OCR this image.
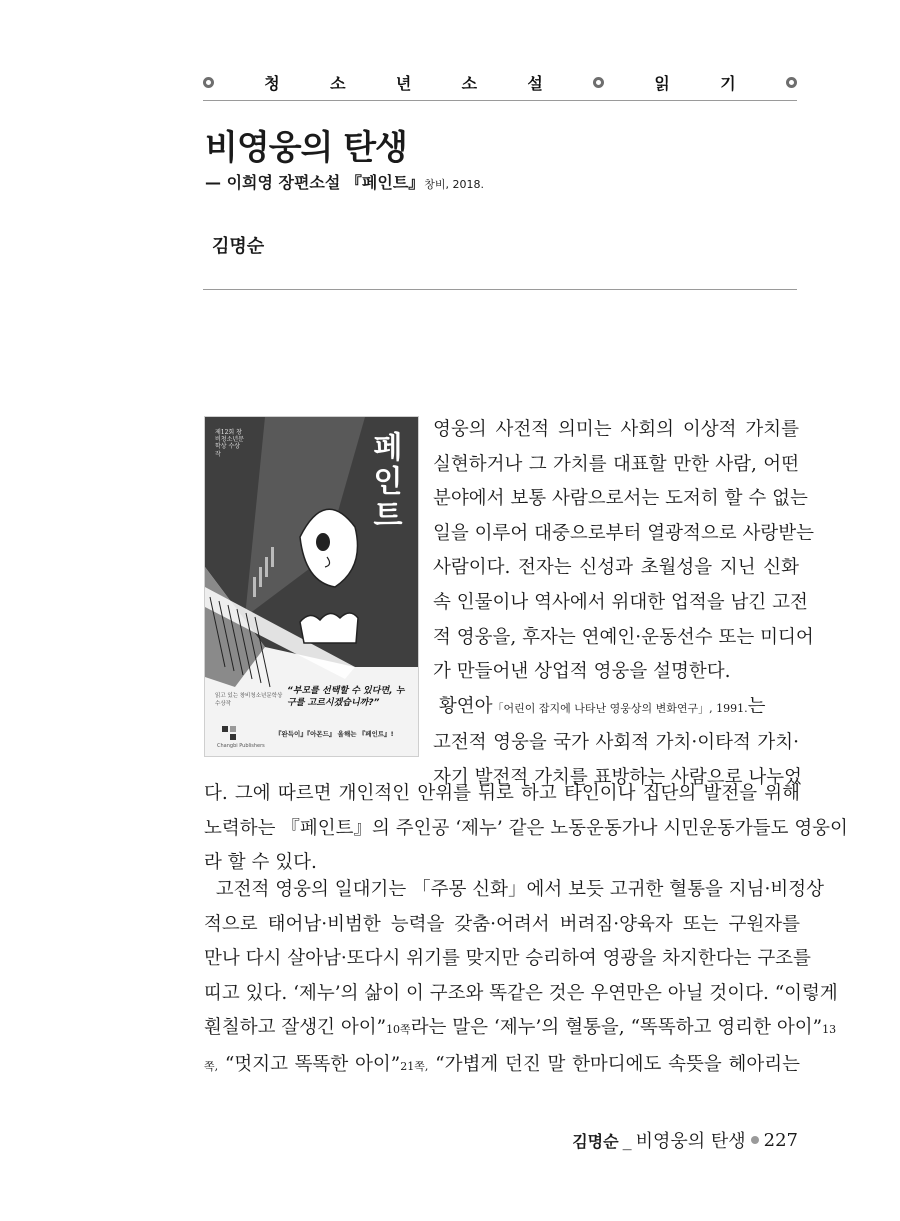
청	소	년	소	설	읽	기
비영웅의 탄생
— 이희영 장편소설 『페인트』창비, 2018.
김명순
제12회 창비청소년문학상 수상작	페인트
읽고 있는 창비청소년문학상 수상작
“부모를 선택할 수 있다면, 누구를 고르시겠습니까?”
Changbi Publishers
『완득이』『아몬드』 올해는 『페인트』!
영웅의 사전적 의미는 사회의 이상적 가치를
실현하거나 그 가치를 대표할 만한 사람, 어떤
분야에서 보통 사람으로서는 도저히 할 수 없는
일을 이루어 대중으로부터 열광적으로 사랑받는
사람이다. 전자는 신성과 초월성을 지닌 신화
속 인물이나 역사에서 위대한 업적을 남긴 고전
적 영웅을, 후자는 연예인·운동선수 또는 미디어
가 만들어낸 상업적 영웅을 설명한다.
황연아「어린이 잡지에 나타난 영웅상의 변화연구」, 1991.는
고전적 영웅을 국가 사회적 가치·이타적 가치·
자기 발전적 가치를 표방하는 사람으로 나누었
다. 그에 따르면 개인적인 안위를 뒤로 하고 타인이나 집단의 발전을 위해
노력하는 『페인트』의 주인공 ‘제누’ 같은 노동운동가나 시민운동가들도 영웅이
라 할 수 있다.
고전적 영웅의 일대기는 「주몽 신화」에서 보듯 고귀한 혈통을 지님·비정상
적으로 태어남·비범한 능력을 갖춤·어려서 버려짐·양육자 또는 구원자를
만나 다시 살아남·또다시 위기를 맞지만 승리하여 영광을 차지한다는 구조를
띠고 있다. ‘제누’의 삶이 이 구조와 똑같은 것은 우연만은 아닐 것이다. “이렇게
훤칠하고 잘생긴 아이”10쪽라는 말은 ‘제누’의 혈통을, “똑똑하고 영리한 아이”13
쪽, “멋지고 똑똑한 아이”21쪽, “가볍게 던진 말 한마디에도 속뜻을 헤아리는
김명순 _ 비영웅의 탄생 227
